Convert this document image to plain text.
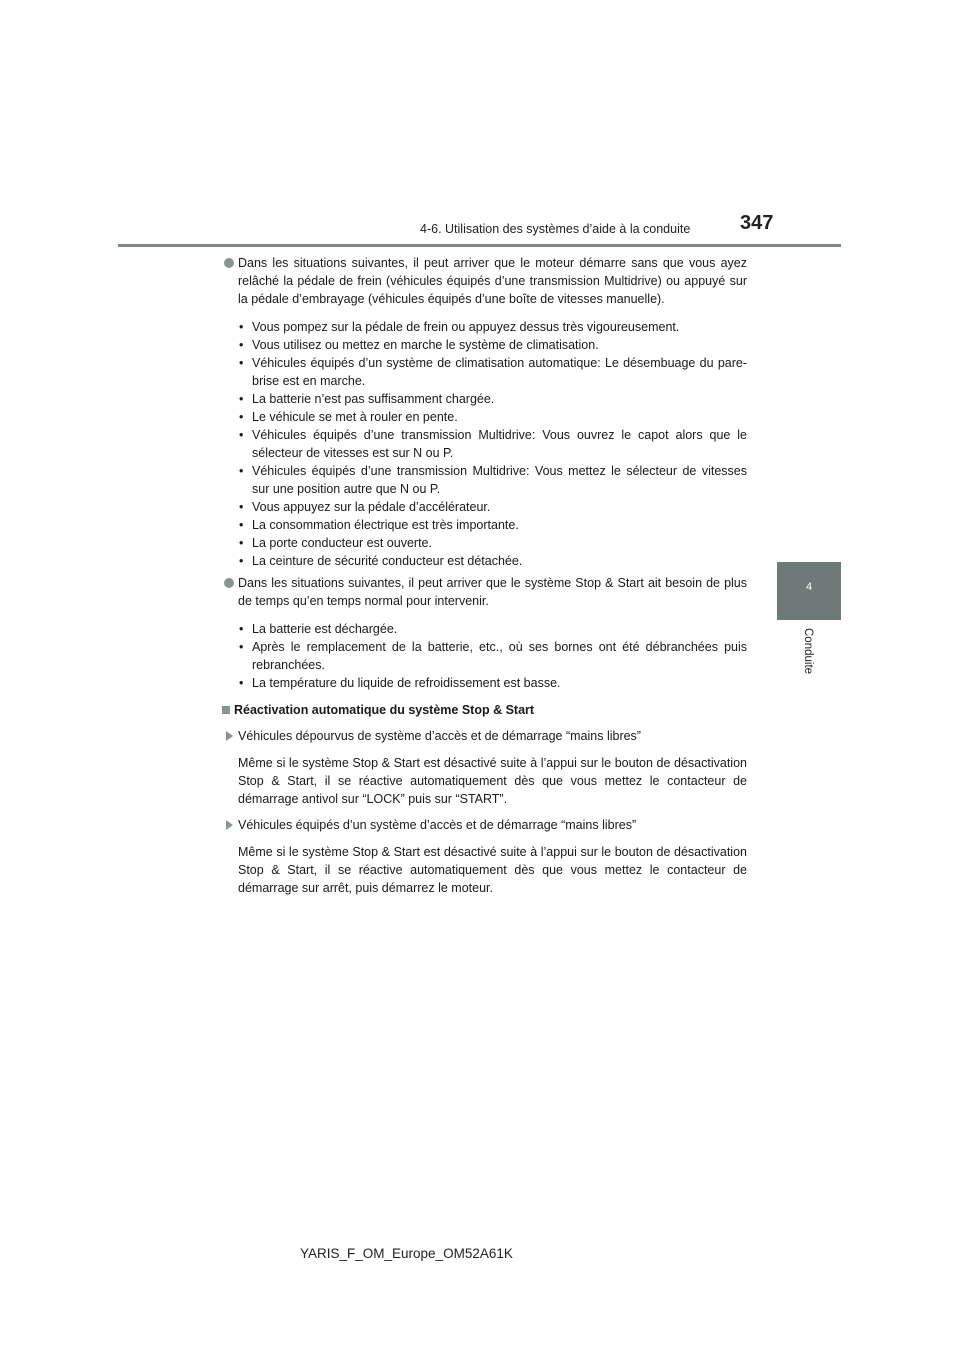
4-6. Utilisation des systèmes d’aide à la conduite 347
4
Conduite

Dans les situations suivantes, il peut arriver que le moteur démarre sans que vous ayez relâché la pédale de frein (véhicules équipés d’une transmission Multidrive) ou appuyé sur la pédale d’embrayage (véhicules équipés d’une boîte de vitesses manuelle).

• Vous pompez sur la pédale de frein ou appuyez dessus très vigoureusement.
• Vous utilisez ou mettez en marche le système de climatisation.
• Véhicules équipés d’un système de climatisation automatique: Le désembuage du pare-brise est en marche.
• La batterie n’est pas suffisamment chargée.
• Le véhicule se met à rouler en pente.
• Véhicules équipés d’une transmission Multidrive: Vous ouvrez le capot alors que le sélecteur de vitesses est sur N ou P.
• Véhicules équipés d’une transmission Multidrive: Vous mettez le sélecteur de vitesses sur une position autre que N ou P.
• Vous appuyez sur la pédale d’accélérateur.
• La consommation électrique est très importante.
• La porte conducteur est ouverte.
• La ceinture de sécurité conducteur est détachée.

Dans les situations suivantes, il peut arriver que le système Stop & Start ait besoin de plus de temps qu’en temps normal pour intervenir.

• La batterie est déchargée.
• Après le remplacement de la batterie, etc., où ses bornes ont été débranchées puis rebranchées.
• La température du liquide de refroidissement est basse.

Réactivation automatique du système Stop & Start

Véhicules dépourvus de système d’accès et de démarrage “mains libres”

Même si le système Stop & Start est désactivé suite à l’appui sur le bouton de désactivation Stop & Start, il se réactive automatiquement dès que vous mettez le contacteur de démarrage antivol sur “LOCK” puis sur “START”.

Véhicules équipés d’un système d’accès et de démarrage “mains libres”

Même si le système Stop & Start est désactivé suite à l’appui sur le bouton de désactivation Stop & Start, il se réactive automatiquement dès que vous mettez le contacteur de démarrage sur arrêt, puis démarrez le moteur.

YARIS_F_OM_Europe_OM52A61K
